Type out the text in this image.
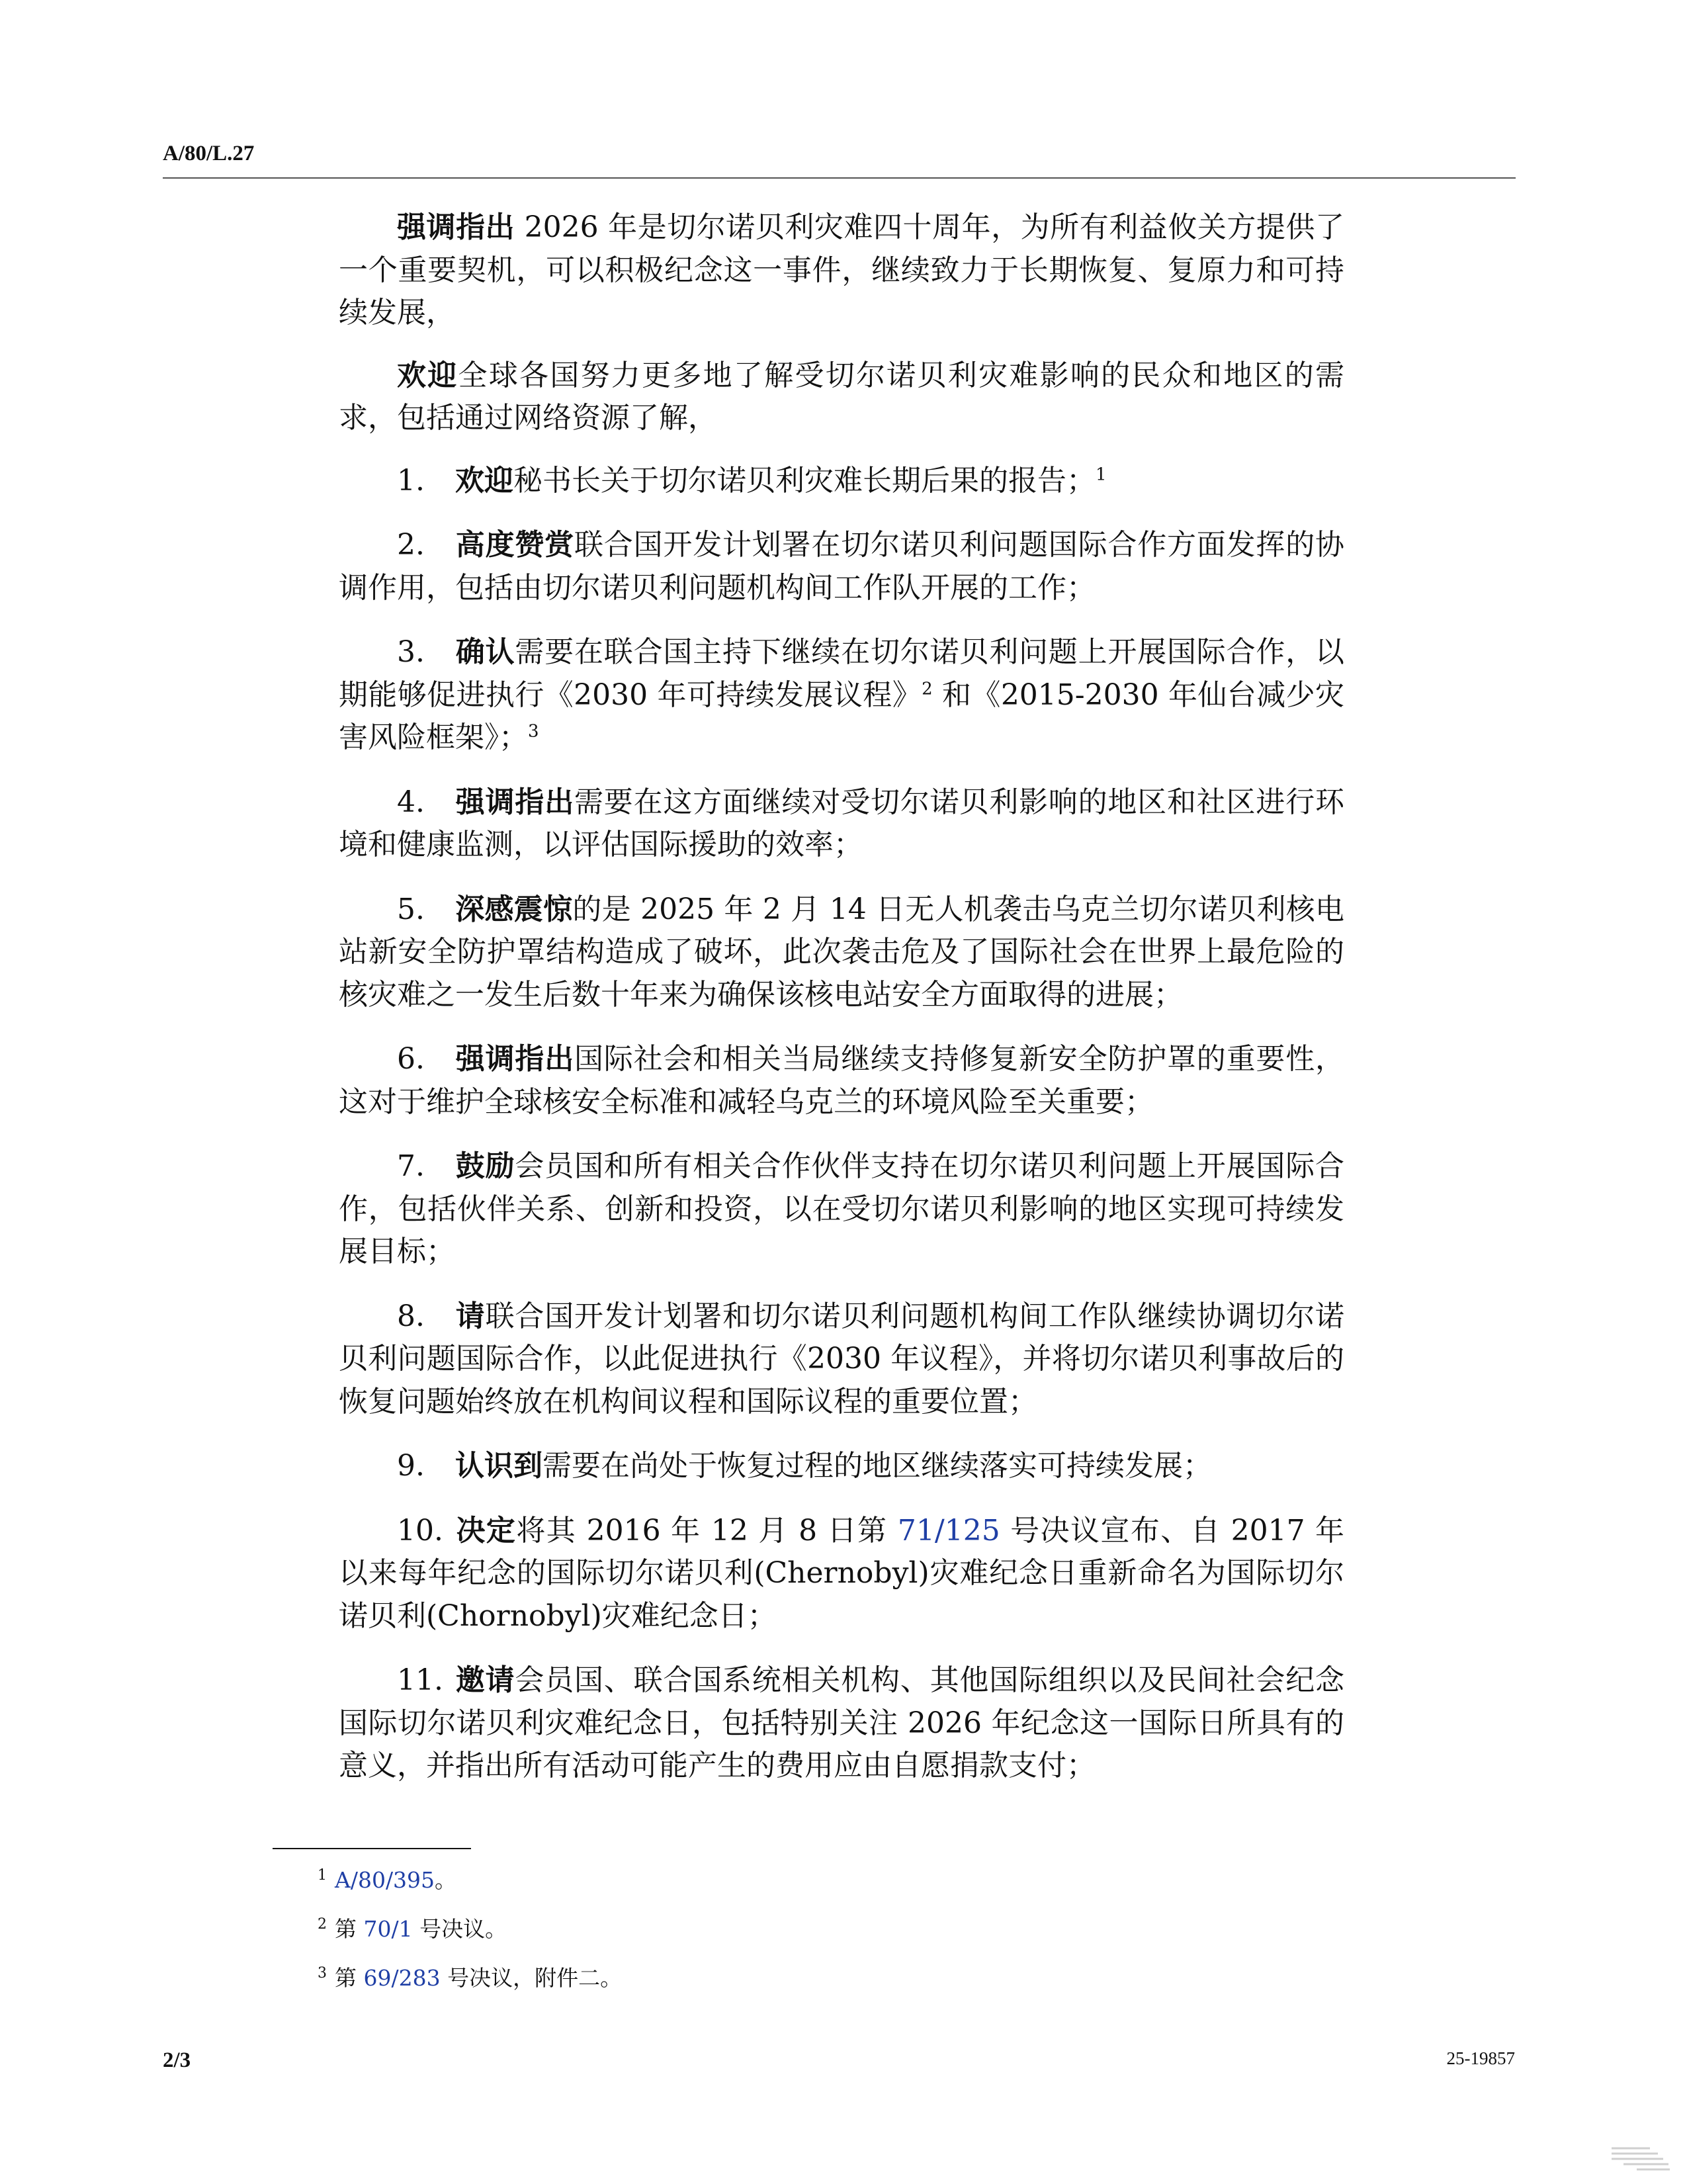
A/80/L.27

强调指出 2026 年是切尔诺贝利灾难四十周年，为所有利益攸关方提供了一个重要契机，可以积极纪念这一事件，继续致力于长期恢复、复原力和可持续发展，

欢迎全球各国努力更多地了解受切尔诺贝利灾难影响的民众和地区的需求，包括通过网络资源了解，

1. 欢迎秘书长关于切尔诺贝利灾难长期后果的报告；$^1$

2. 高度赞赏联合国开发计划署在切尔诺贝利问题国际合作方面发挥的协调作用，包括由切尔诺贝利问题机构间工作队开展的工作；

3. 确认需要在联合国主持下继续在切尔诺贝利问题上开展国际合作，以期能够促进执行《2030 年可持续发展议程》$^2$ 和《2015-2030 年仙台减少灾害风险框架》；$^3$

4. 强调指出需要在这方面继续对受切尔诺贝利影响的地区和社区进行环境和健康监测，以评估国际援助的效率；

5. 深感震惊的是 2025 年 2 月 14 日无人机袭击乌克兰切尔诺贝利核电站新安全防护罩结构造成了破坏，此次袭击危及了国际社会在世界上最危险的核灾难之一发生后数十年来为确保该核电站安全方面取得的进展；

6. 强调指出国际社会和相关当局继续支持修复新安全防护罩的重要性，这对于维护全球核安全标准和减轻乌克兰的环境风险至关重要；

7. 鼓励会员国和所有相关合作伙伴支持在切尔诺贝利问题上开展国际合作，包括伙伴关系、创新和投资，以在受切尔诺贝利影响的地区实现可持续发展目标；

8. 请联合国开发计划署和切尔诺贝利问题机构间工作队继续协调切尔诺贝利问题国际合作，以此促进执行《2030 年议程》，并将切尔诺贝利事故后的恢复问题始终放在机构间议程和国际议程的重要位置；

9. 认识到需要在尚处于恢复过程的地区继续落实可持续发展；

10. 决定将其 2016 年 12 月 8 日第 71/125 号决议宣布、自 2017 年以来每年纪念的国际切尔诺贝利(Chernobyl)灾难纪念日重新命名为国际切尔诺贝利(Chornobyl)灾难纪念日；

11. 邀请会员国、联合国系统相关机构、其他国际组织以及民间社会纪念国际切尔诺贝利灾难纪念日，包括特别关注 2026 年纪念这一国际日所具有的意义，并指出所有活动可能产生的费用应由自愿捐款支付；

$^1$ A/80/395。
$^2$ 第 70/1 号决议。
$^3$ 第 69/283 号决议，附件二。
2/3	25-19857
